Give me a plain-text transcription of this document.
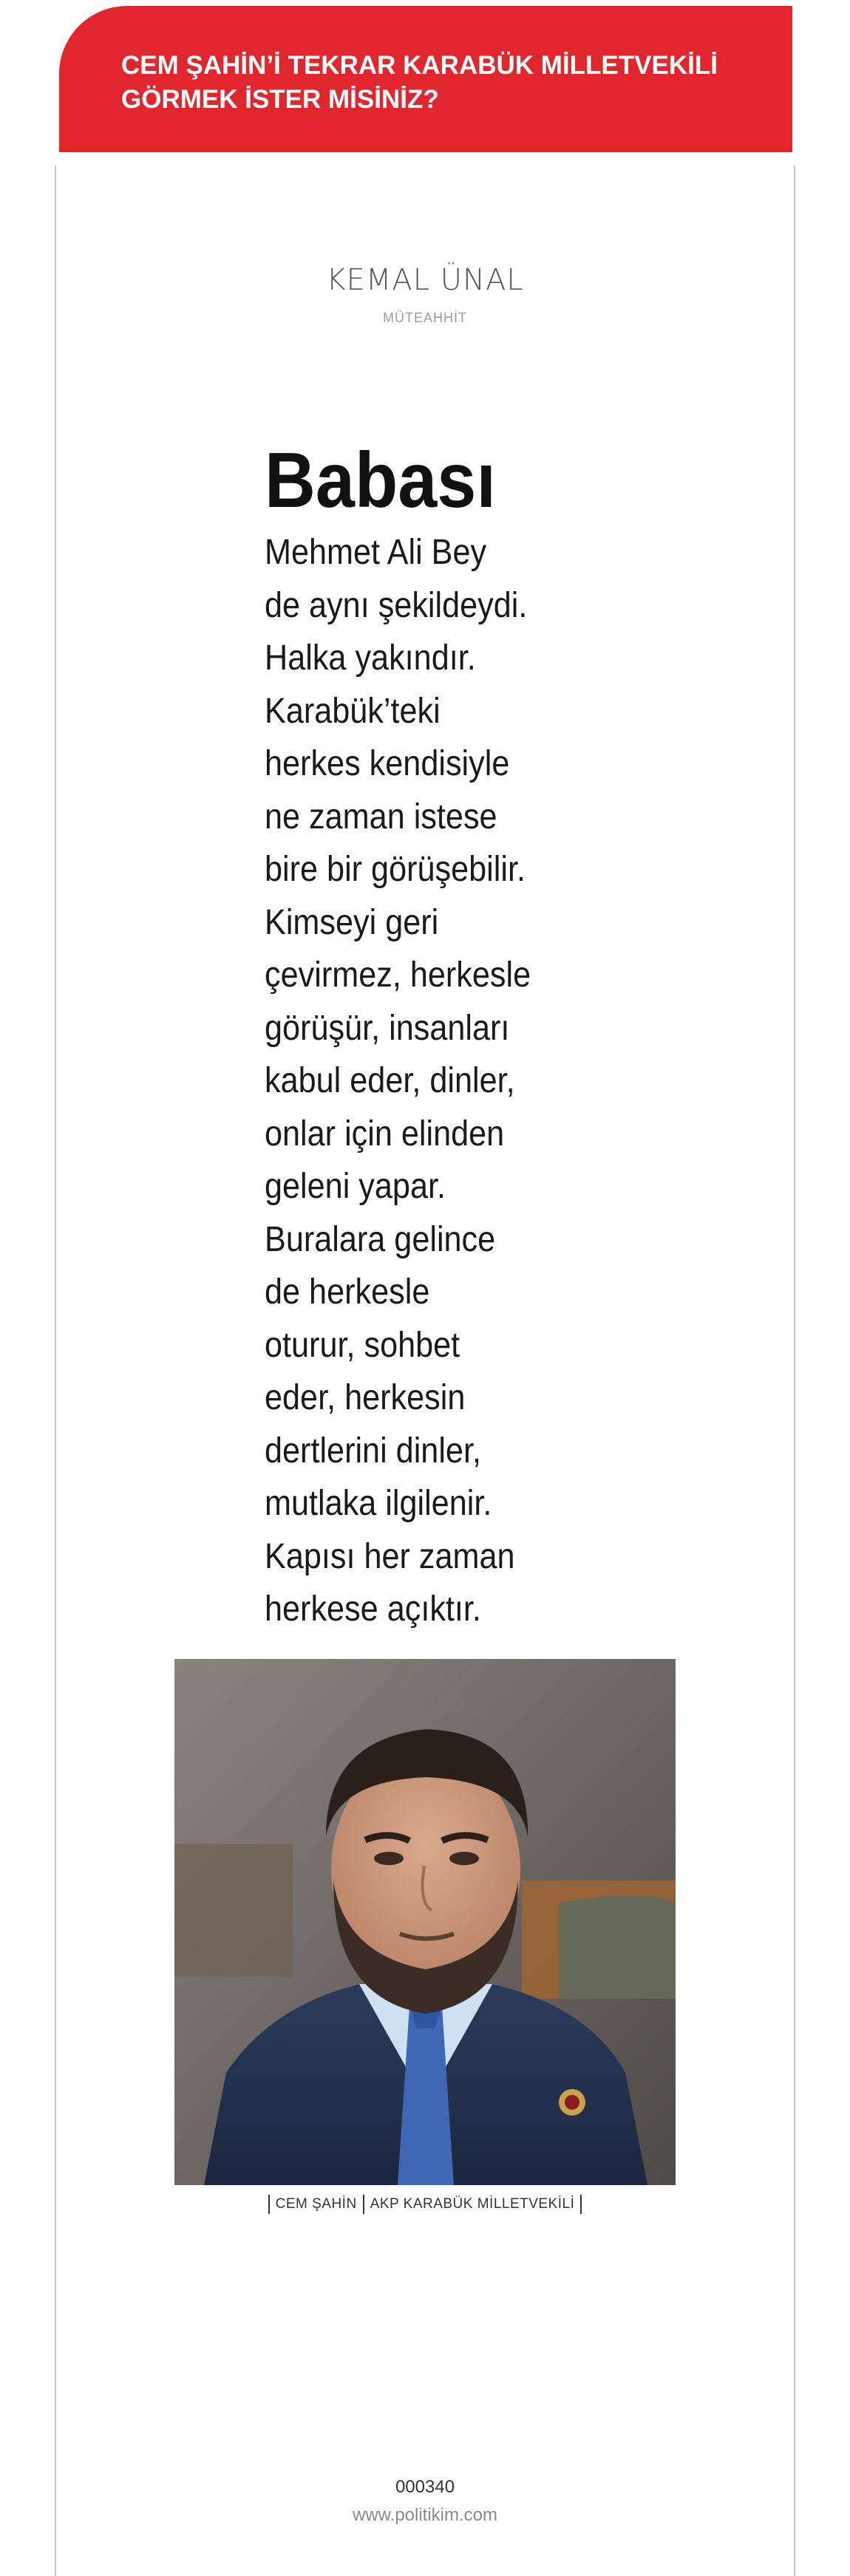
CEM ŞAHİN’İ TEKRAR KARABÜK MİLLETVEKİLİ
GÖRMEK İSTER MİSİNİZ?

KEMAL ÜNAL
MÜTEAHHİT
Babası

Mehmet Ali Bey
de aynı şekildeydi.
Halka yakındır.
Karabük’teki
herkes kendisiyle
ne zaman istese
bire bir görüşebilir.
Kimseyi geri
çevirmez, herkesle
görüşür, insanları
kabul eder, dinler,
onlar için elinden
geleni yapar.
Buralara gelince
de herkesle
oturur, sohbet
eder, herkesin
dertlerini dinler,
mutlaka ilgilenir.
Kapısı her zaman
herkese açıktır.

CEM ŞAHİN AKP KARABÜK MİLLETVEKİLİ
000340
www.politikim.com
